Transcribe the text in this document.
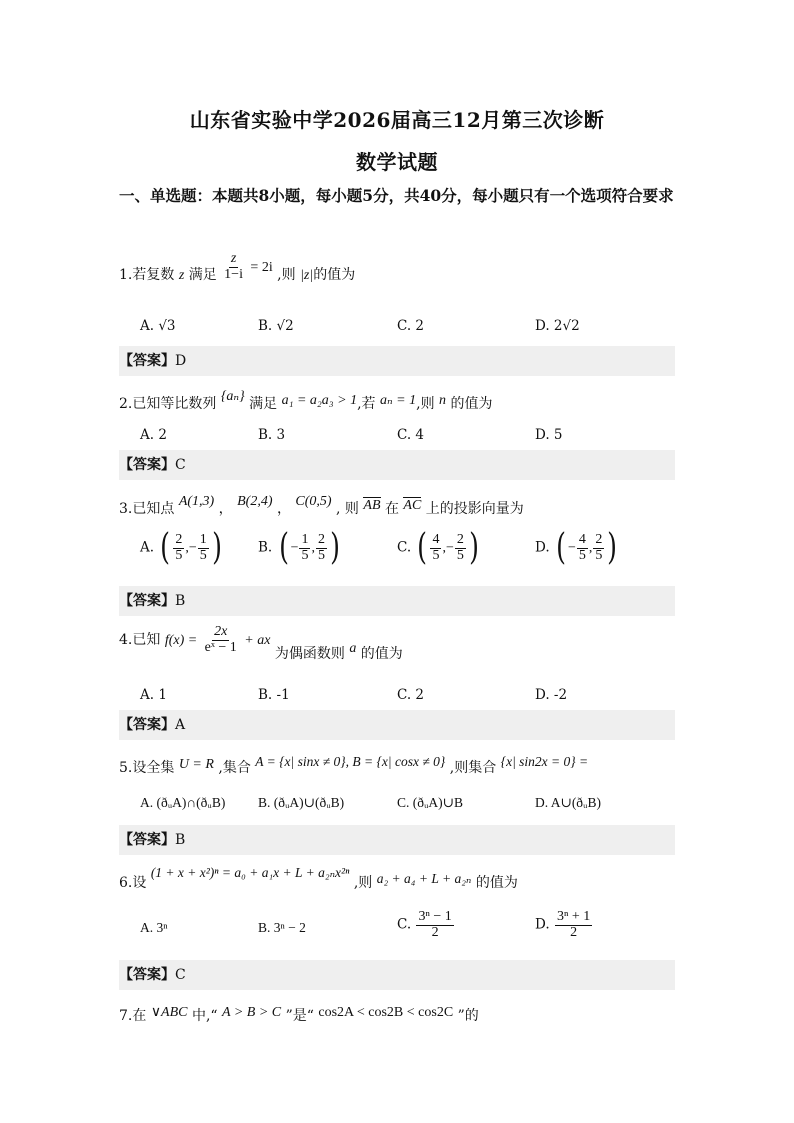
山东省实验中学2026届高三12月第三次诊断
数学试题
一、单选题：本题共8小题，每小题5分，共40分，每小题只有一个选项符合要求
1.若复数 z 满足 $\frac{z}{1-i} = 2i$ ,则 |z|的值为
A. √3	B. √2	C. 2	D. 2√2
【答案】D
2.已知等比数列 {aₙ} 满足 a₁ = a₂a₃ > 1,若 aₙ = 1,则 n 的值为
A. 2	B. 3	C. 4	D. 5
【答案】C
3.已知点 A(1,3) ， B(2,4) ， C(0,5) , 则 AB 在 AC 上的投影向量为
A. ( $\frac{2}{5}$ ,− $\frac{1}{5}$ )	B. ( − $\frac{1}{5}$ , $\frac{2}{5}$ )	C. ( $\frac{4}{5}$ ,− $\frac{2}{5}$ )	D. ( − $\frac{4}{5}$ , $\frac{2}{5}$ )
【答案】B
4.已知 $f(x) = \frac{2x}{\text{eˣ − 1}}$ + ax 为偶函数则 a 的值为
A. 1	B. -1	C. 2	D. -2
【答案】A
5.设全集 U = R ,集合 A = {x| sinx ≠ 0}, B = {x| cosx ≠ 0} ,则集合 {x| sin2x = 0} =
A. (ðᵤA)∩(ðᵤB) B. (ðᵤA)∪(ðᵤB)	C. (ðᵤA)∪B	D. A∪(ðᵤB)
【答案】B
6.设 (1 + x + x²)ⁿ = a₀ + a₁x + L + a₂ₙx²ⁿ ,则 a₂ + a₄ + L + a₂ₙ 的值为
A. 3ⁿ	B. 3ⁿ − 2	C. $\frac{\text{3ⁿ − 1}}{2}$	D. $\frac{\text{3ⁿ + 1}}{2}$
【答案】C
7.在 ∨ABC 中,“ A > B > C ”是“ cos2A < cos2B < cos2C ”的
